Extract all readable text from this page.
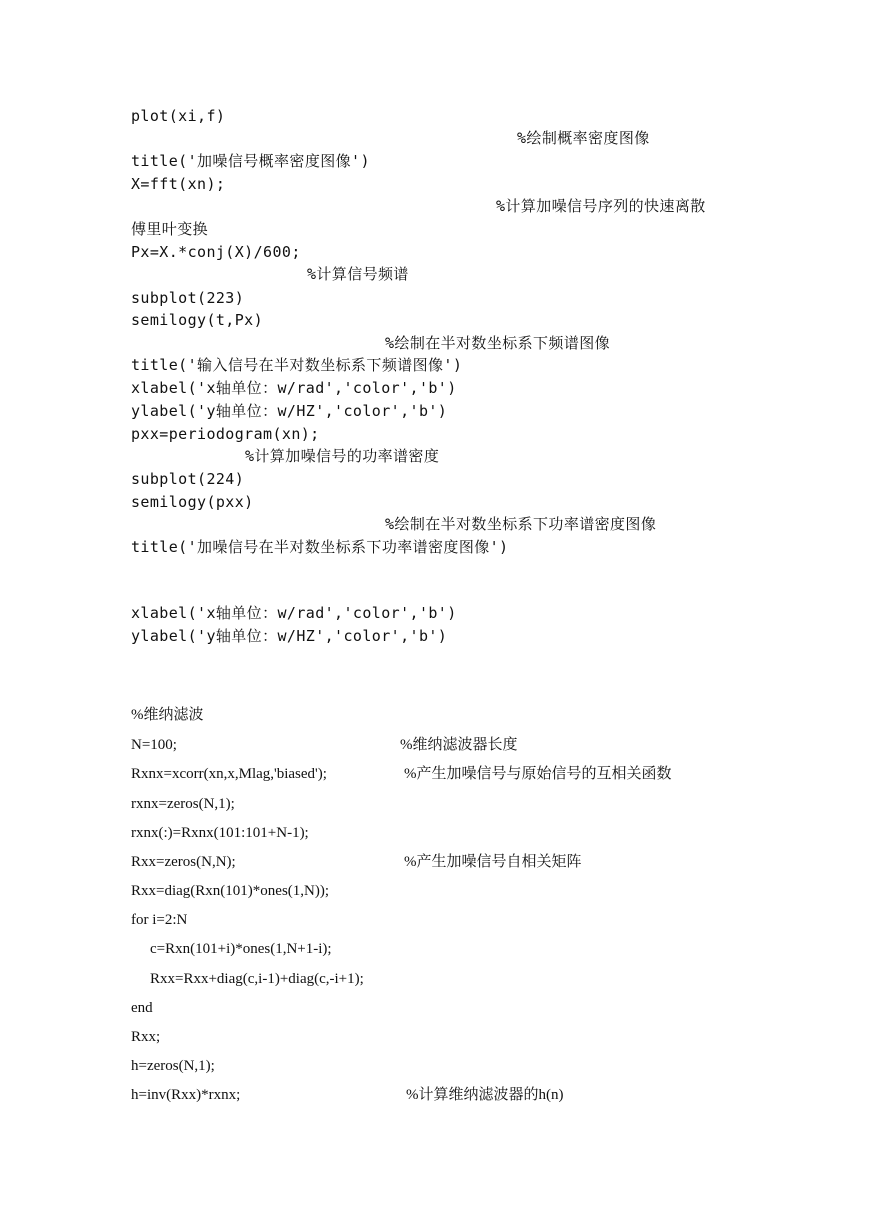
plot(xi,f)
%绘制概率密度图像
title('加噪信号概率密度图像')
X=fft(xn);
%计算加噪信号序列的快速离散
傅里叶变换
Px=X.*conj(X)/600;
%计算信号频谱
subplot(223)
semilogy(t,Px)
%绘制在半对数坐标系下频谱图像
title('输入信号在半对数坐标系下频谱图像')
xlabel('x轴单位：w/rad','color','b')
ylabel('y轴单位：w/HZ','color','b')
pxx=periodogram(xn);
%计算加噪信号的功率谱密度
subplot(224)
semilogy(pxx)
%绘制在半对数坐标系下功率谱密度图像
title('加噪信号在半对数坐标系下功率谱密度图像')
xlabel('x轴单位：w/rad','color','b')
ylabel('y轴单位：w/HZ','color','b')
%维纳滤波
N=100;	%维纳滤波器长度
Rxnx=xcorr(xn,x,Mlag,'biased');	%产生加噪信号与原始信号的互相关函数
rxnx=zeros(N,1);
rxnx(:)=Rxnx(101:101+N-1);
Rxx=zeros(N,N);	%产生加噪信号自相关矩阵
Rxx=diag(Rxn(101)*ones(1,N));
for i=2:N
c=Rxn(101+i)*ones(1,N+1-i);
Rxx=Rxx+diag(c,i-1)+diag(c,-i+1);
end
Rxx;
h=zeros(N,1);
h=inv(Rxx)*rxnx;	%计算维纳滤波器的h(n)
